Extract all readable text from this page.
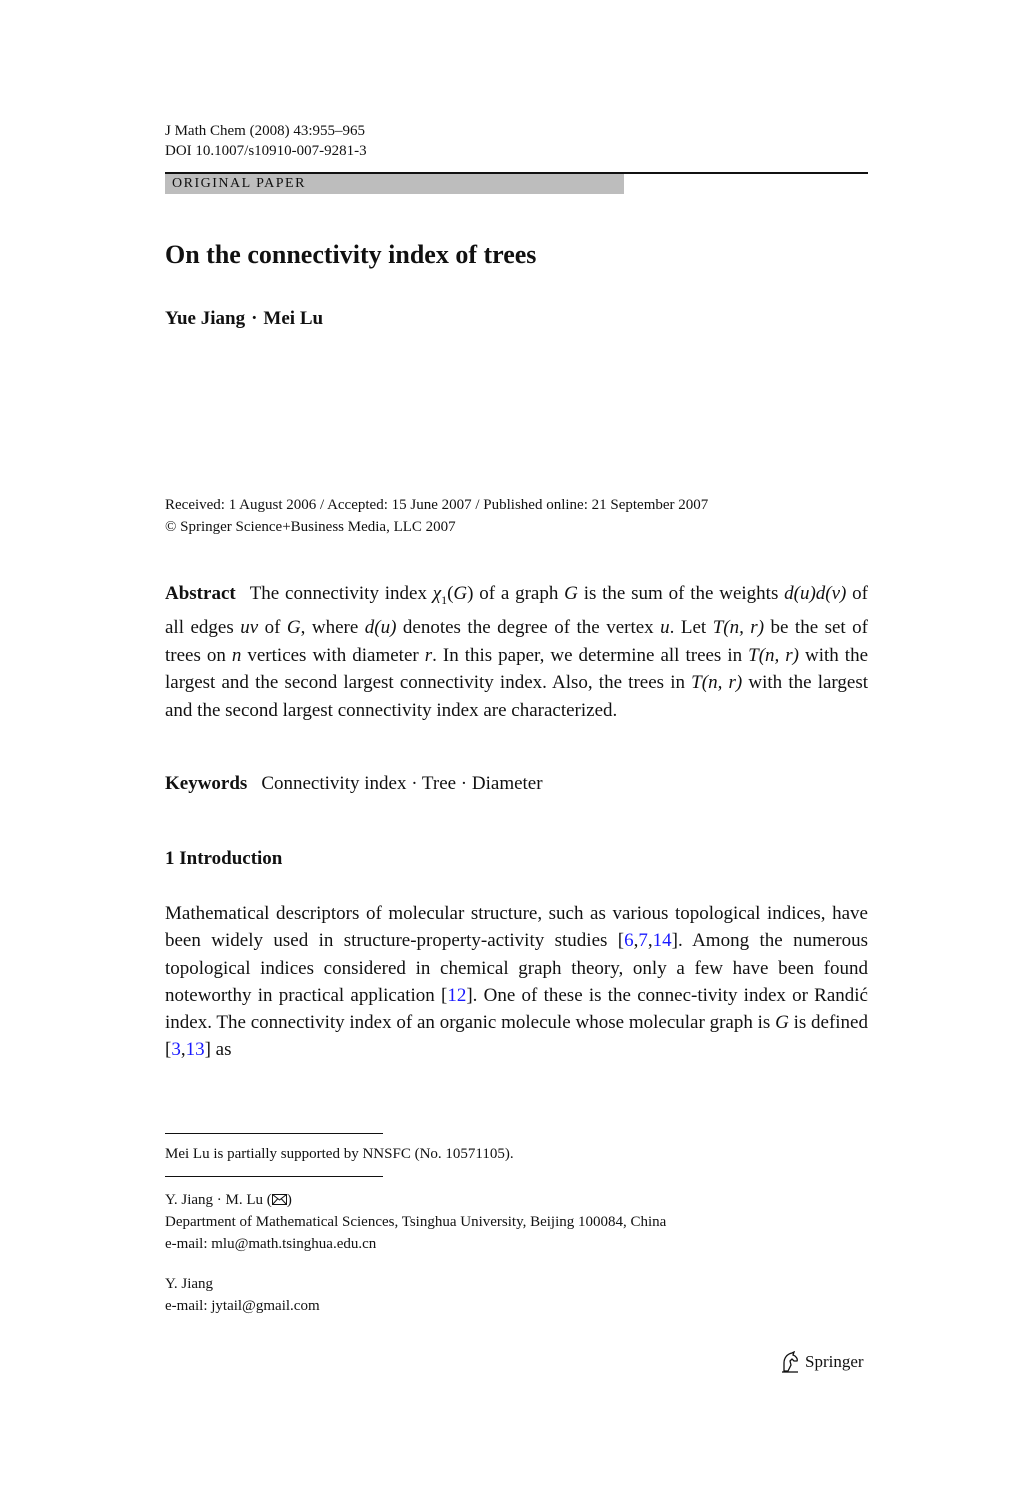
J Math Chem (2008) 43:955–965
DOI 10.1007/s10910-007-9281-3
ORIGINAL PAPER
On the connectivity index of trees
Yue Jiang · Mei Lu
Received: 1 August 2006 / Accepted: 15 June 2007 / Published online: 21 September 2007
© Springer Science+Business Media, LLC 2007

Abstract The connectivity index $\chi_1(G)$ of a graph G is the sum of the weights d(u)d(v) of all edges uv of G, where d(u) denotes the degree of the vertex u. Let T(n, r) be the set of trees on n vertices with diameter r. In this paper, we determine all trees in T(n, r) with the largest and the second largest connectivity index. Also, the trees in T(n, r) with the largest and the second largest connectivity index are characterized.

Keywords Connectivity index · Tree · Diameter
1 Introduction

Mathematical descriptors of molecular structure, such as various topological indices, have been widely used in structure-property-activity studies [6,7,14]. Among the numerous topological indices considered in chemical graph theory, only a few have been found noteworthy in practical application [12]. One of these is the connec-tivity index or Randić index. The connectivity index of an organic molecule whose molecular graph is G is defined [3,13] as

Mei Lu is partially supported by NNSFC (No. 10571105).
Y. Jiang · M. Lu ( )
Department of Mathematical Sciences, Tsinghua University, Beijing 100084, China
e-mail: mlu@math.tsinghua.edu.cn
Y. Jiang
e-mail: jytail@gmail.com
Springer
